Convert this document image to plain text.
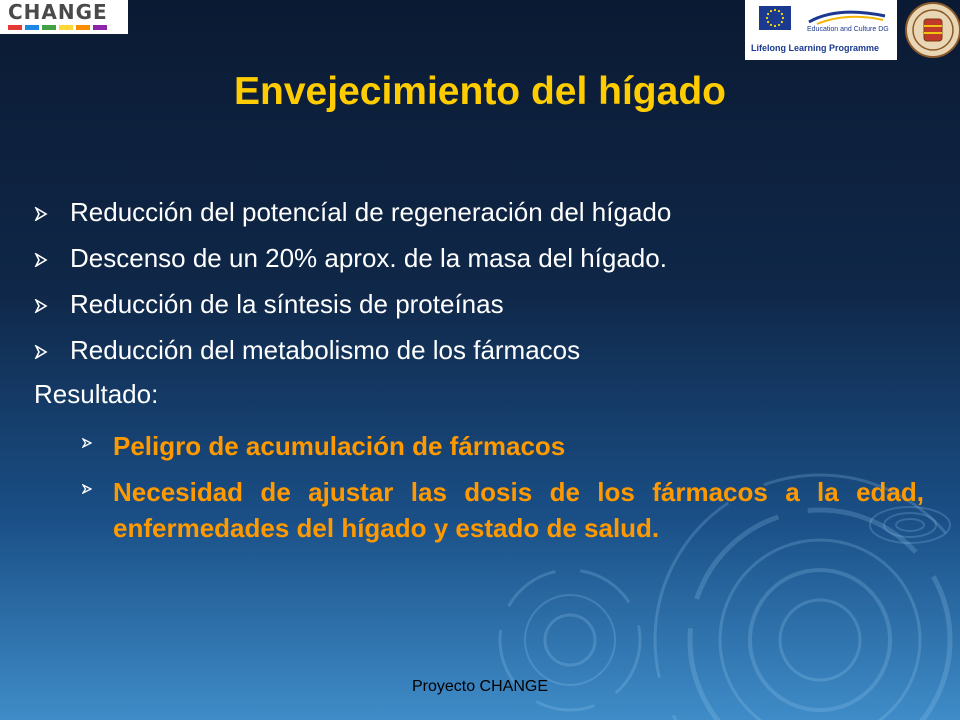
CHANGE
Education and Culture DG
Lifelong Learning Programme
Envejecimiento del hígado
Reducción del potencíal de regeneración del hígado
Descenso de un 20% aprox. de la masa del hígado.
Reducción de la síntesis de proteínas
Reducción del metabolismo de los fármacos
Resultado:
Peligro de acumulación de fármacos
Necesidad de ajustar las dosis de los fármacos a la edad, enfermedades del hígado y estado de salud.
Proyecto CHANGE
